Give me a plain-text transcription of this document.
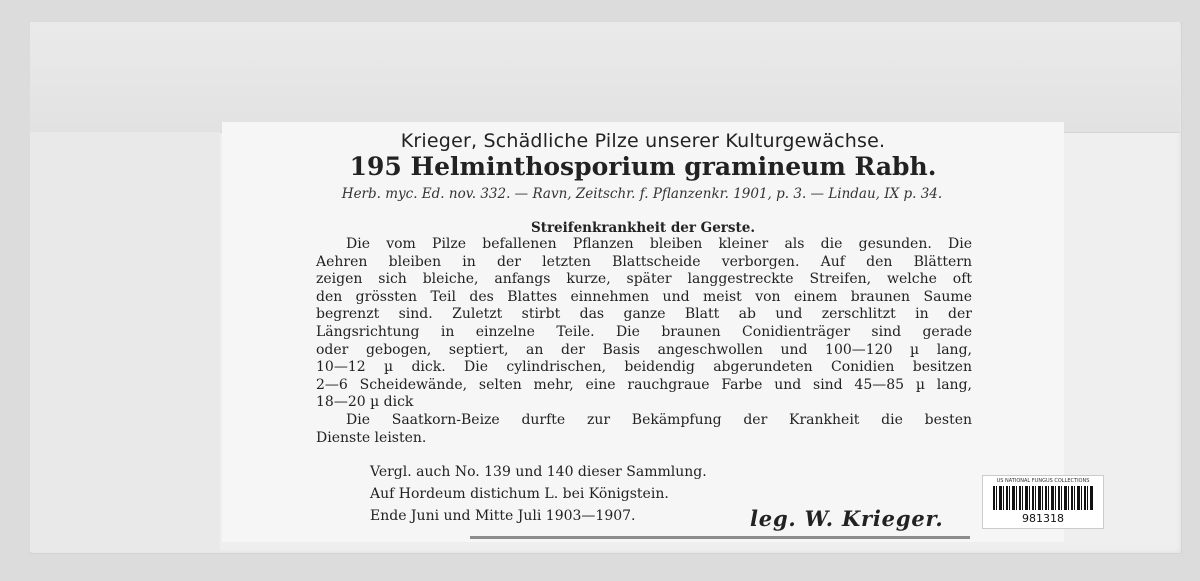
Krieger, Schädliche Pilze unserer Kulturgewächse.
195 Helminthosporium gramineum Rabh.
Herb. myc. Ed. nov. 332. — Ravn, Zeitschr. f. Pflanzenkr. 1901, p. 3. — Lindau, IX p. 34.
Streifenkrankheit der Gerste.
Die vom Pilze befallenen Pflanzen bleiben kleiner als die gesunden. Die
Aehren bleiben in der letzten Blattscheide verborgen. Auf den Blättern
zeigen sich bleiche, anfangs kurze, später langgestreckte Streifen, welche oft
den grössten Teil des Blattes einnehmen und meist von einem braunen Saume
begrenzt sind. Zuletzt stirbt das ganze Blatt ab und zerschlitzt in der
Längsrichtung in einzelne Teile. Die braunen Conidienträger sind gerade
oder gebogen, septiert, an der Basis angeschwollen und 100—120 µ lang,
10—12 µ dick. Die cylindrischen, beidendig abgerundeten Conidien besitzen
2—6 Scheidewände, selten mehr, eine rauchgraue Farbe und sind 45—85 µ lang,
18—20 µ dick
Die Saatkorn-Beize durfte zur Bekämpfung der Krankheit die besten
Dienste leisten.
Vergl. auch No. 139 und 140 dieser Sammlung.
Auf Hordeum distichum L. bei Königstein.
Ende Juni und Mitte Juli 1903—1907.	leg. W. Krieger.
US NATIONAL FUNGUS COLLECTIONS
981318
